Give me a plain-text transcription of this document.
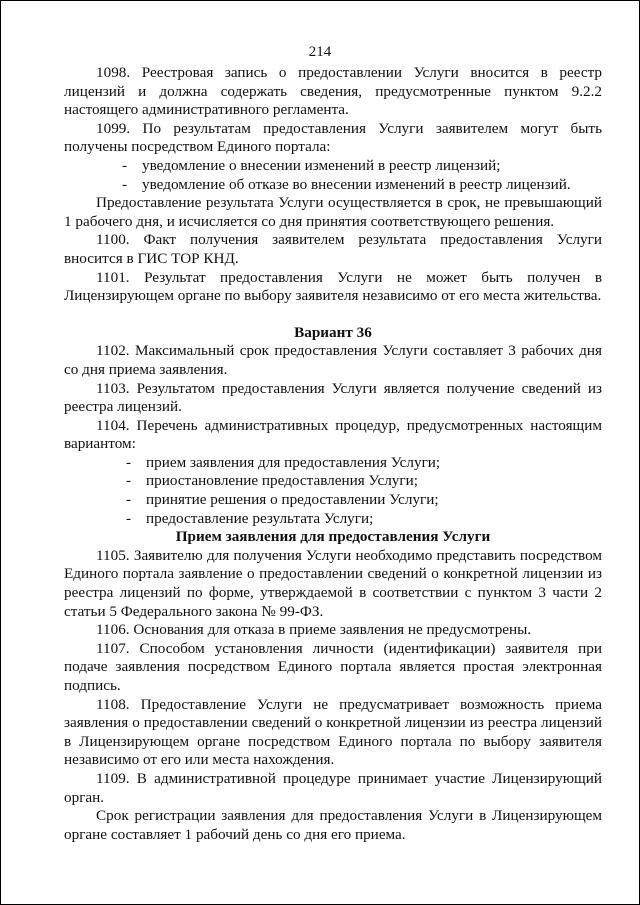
214

1098. Реестровая запись о предоставлении Услуги вносится в реестр лицензий и должна содержать сведения, предусмотренные пунктом 9.2.2 настоящего административного регламента.

1099. По результатам предоставления Услуги заявителем могут быть получены посредством Единого портала:

- уведомление о внесении изменений в реестр лицензий;
- уведомление об отказе во внесении изменений в реестр лицензий.

Предоставление результата Услуги осуществляется в срок, не превышающий 1 рабочего дня, и исчисляется со дня принятия соответствующего решения.

1100. Факт получения заявителем результата предоставления Услуги вносится в ГИС ТОР КНД.

1101. Результат предоставления Услуги не может быть получен в Лицензирующем органе по выбору заявителя независимо от его места жительства.

Вариант 36

1102. Максимальный срок предоставления Услуги составляет 3 рабочих дня со дня приема заявления.

1103. Результатом предоставления Услуги является получение сведений из реестра лицензий.

1104. Перечень административных процедур, предусмотренных настоящим вариантом:

- прием заявления для предоставления Услуги;
- приостановление предоставления Услуги;
- принятие решения о предоставлении Услуги;
- предоставление результата Услуги;

Прием заявления для предоставления Услуги

1105. Заявителю для получения Услуги необходимо представить посредством Единого портала заявление о предоставлении сведений о конкретной лицензии из реестра лицензий по форме, утверждаемой в соответствии с пунктом 3 части 2 статьи 5 Федерального закона № 99-ФЗ.

1106. Основания для отказа в приеме заявления не предусмотрены.

1107. Способом установления личности (идентификации) заявителя при подаче заявления посредством Единого портала является простая электронная подпись.

1108. Предоставление Услуги не предусматривает возможность приема заявления о предоставлении сведений о конкретной лицензии из реестра лицензий в Лицензирующем органе посредством Единого портала по выбору заявителя независимо от его или места нахождения.

1109. В административной процедуре принимает участие Лицензирующий орган.

Срок регистрации заявления для предоставления Услуги в Лицензирующем органе составляет 1 рабочий день со дня его приема.
